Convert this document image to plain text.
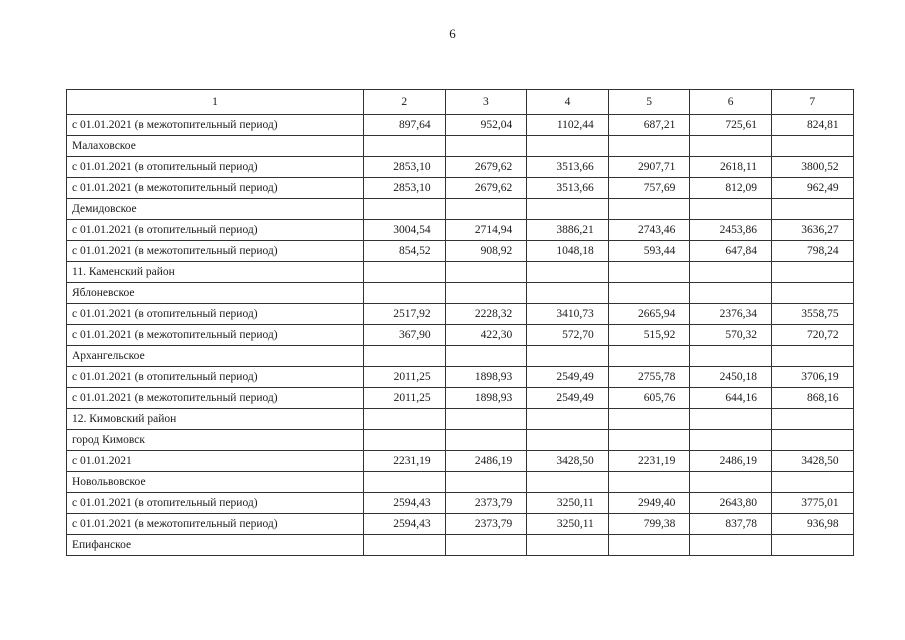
6
1	2	3	4	5	6	7
с 01.01.2021 (в межотопительный период)	897,64	952,04	1102,44	687,21	725,61	824,81
Малаховское						
с 01.01.2021 (в отопительный период)	2853,10	2679,62	3513,66	2907,71	2618,11	3800,52
с 01.01.2021 (в межотопительный период)	2853,10	2679,62	3513,66	757,69	812,09	962,49
Демидовское						
с 01.01.2021 (в отопительный период)	3004,54	2714,94	3886,21	2743,46	2453,86	3636,27
с 01.01.2021 (в межотопительный период)	854,52	908,92	1048,18	593,44	647,84	798,24
11. Каменский район						
Яблоневское						
с 01.01.2021 (в отопительный период)	2517,92	2228,32	3410,73	2665,94	2376,34	3558,75
с 01.01.2021 (в межотопительный период)	367,90	422,30	572,70	515,92	570,32	720,72
Архангельское						
с 01.01.2021 (в отопительный период)	2011,25	1898,93	2549,49	2755,78	2450,18	3706,19
с 01.01.2021 (в межотопительный период)	2011,25	1898,93	2549,49	605,76	644,16	868,16
12. Кимовский район						
город Кимовск						
с 01.01.2021	2231,19	2486,19	3428,50	2231,19	2486,19	3428,50
Новольвовское						
с 01.01.2021 (в отопительный период)	2594,43	2373,79	3250,11	2949,40	2643,80	3775,01
с 01.01.2021 (в межотопительный период)	2594,43	2373,79	3250,11	799,38	837,78	936,98
Епифанское						
